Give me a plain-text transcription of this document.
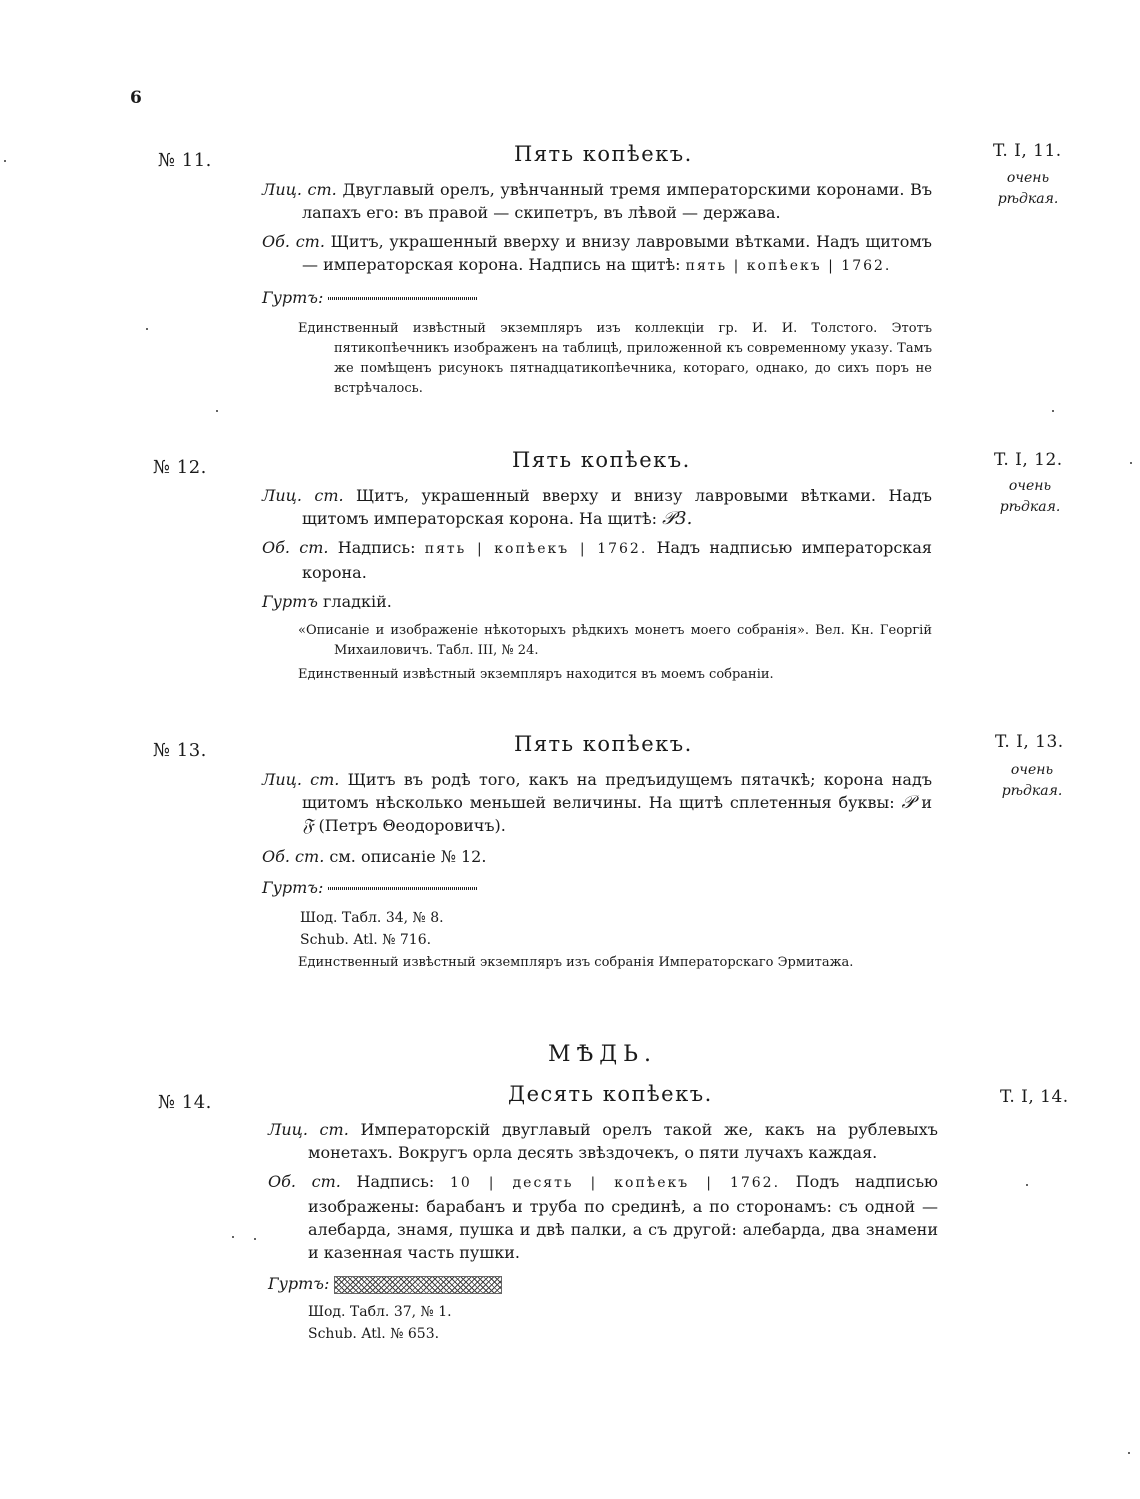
6
№ 11.	Пять копѣекъ.	T. I, 11.
очень
рѣдкая.

Лиц. ст. Двуглавый орелъ, увѣнчанный тремя императорскими коронами. Въ лапахъ его: въ правой — скипетръ, въ лѣвой — держава.

Об. ст. Щитъ, украшенный вверху и внизу лавровыми вѣтками. Надъ щитомъ — императорская корона. Надпись на щитѣ: пять | копѣекъ | 1762.

Гуртъ:
Единственный извѣстный экземпляръ изъ коллекціи гр. И. И. Толстого. Этотъ пятикопѣечникъ изображенъ на таблицѣ, приложенной къ современному указу. Тамъ же помѣщенъ рисунокъ пятнадцатикопѣечника, котораго, однако, до сихъ поръ не встрѣчалось.
№ 12.	Пять копѣекъ.	T. I, 12.
очень
рѣдкая.

Лиц. ст. Щитъ, украшенный вверху и внизу лавровыми вѣтками. Надъ щитомъ императорская корона. На щитѣ: 𝒫3.

Об. ст. Надпись: пять | копѣекъ | 1762. Надъ надписью императорская корона.

Гуртъ гладкій.
«Описаніе и изображеніе нѣкоторыхъ рѣдкихъ монетъ моего собранія». Вел. Кн. Георгій Михаиловичъ. Табл. III, № 24.
Единственный извѣстный экземпляръ находится въ моемъ собраніи.
№ 13.	Пять копѣекъ.	T. I, 13.
очень
рѣдкая.

Лиц. ст. Щитъ въ родѣ того, какъ на предъидущемъ пятачкѣ; корона надъ щитомъ нѣсколько меньшей величины. На щитѣ сплетенныя буквы: 𝒫 и 𝔉 (Петръ Θеодоровичъ).

Об. ст. см. описаніе № 12.

Гуртъ:
Шод. Табл. 34, № 8.
Schub. Atl. № 716.
Единственный извѣстный экземпляръ изъ собранія Императорскаго Эрмитажа.
МѢДЬ.
№ 14.	Десять копѣекъ.	T. I, 14.

Лиц. ст. Императорскій двуглавый орелъ такой же, какъ на рублевыхъ монетахъ. Вокругъ орла десять звѣздочекъ, о пяти лучахъ каждая.

Об. ст. Надпись: 10 | десять | копѣекъ | 1762. Подъ надписью изображены: барабанъ и труба по срединѣ, а по сторонамъ: съ одной — алебарда, знамя, пушка и двѣ палки, а съ другой: алебарда, два знамени и казенная часть пушки.

Гуртъ:
Шод. Табл. 37, № 1.
Schub. Atl. № 653.
